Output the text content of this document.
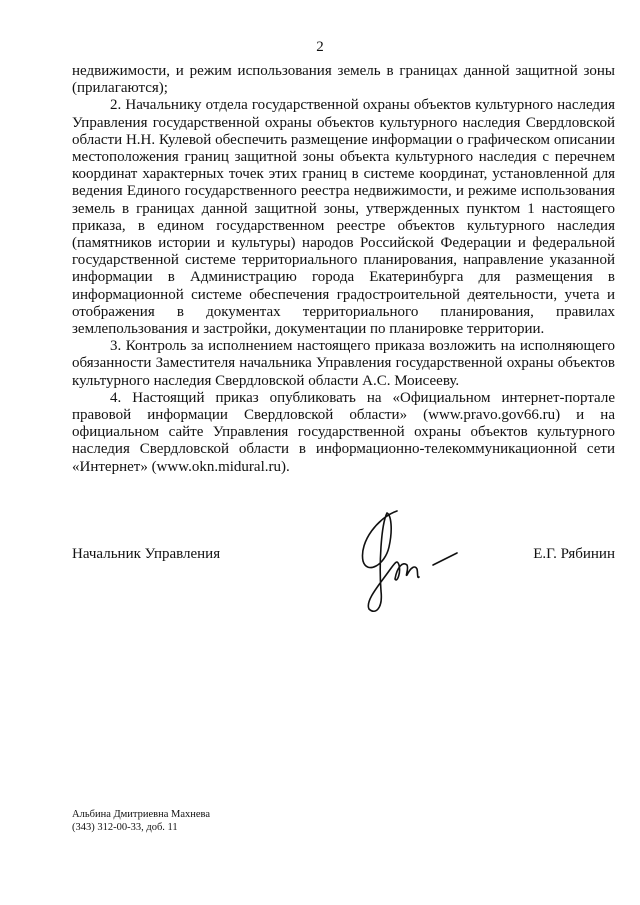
2

недвижимости, и режим использования земель в границах данной защитной зоны (прилагаются);

2. Начальнику отдела государственной охраны объектов культурного наследия Управления государственной охраны объектов культурного наследия Свердловской области Н.Н. Кулевой обеспечить размещение информации о графическом описании местоположения границ защитной зоны объекта культурного наследия с перечнем координат характерных точек этих границ в системе координат, установленной для ведения Единого государственного реестра недвижимости, и режиме использования земель в границах данной защитной зоны, утвержденных пунктом 1 настоящего приказа, в едином государственном реестре объектов культурного наследия (памятников истории и культуры) народов Российской Федерации и федеральной государственной системе территориального планирования, направление указанной информации в Администрацию города Екатеринбурга для размещения в информационной системе обеспечения градостроительной деятельности, учета и отображения в документах территориального планирования, правилах землепользования и застройки, документации по планировке территории.

3. Контроль за исполнением настоящего приказа возложить на исполняющего обязанности Заместителя начальника Управления государственной охраны объектов культурного наследия Свердловской области А.С. Моисееву.

4. Настоящий приказ опубликовать на «Официальном интернет-портале правовой информации Свердловской области» (www.pravo.gov66.ru) и на официальном сайте Управления государственной охраны объектов культурного наследия Свердловской области в информационно-телекоммуникационной сети «Интернет» (www.okn.midural.ru).

Начальник Управления	Е.Г. Рябинин
Альбина Дмитриевна Махнева
(343) 312-00-33, доб. 11
